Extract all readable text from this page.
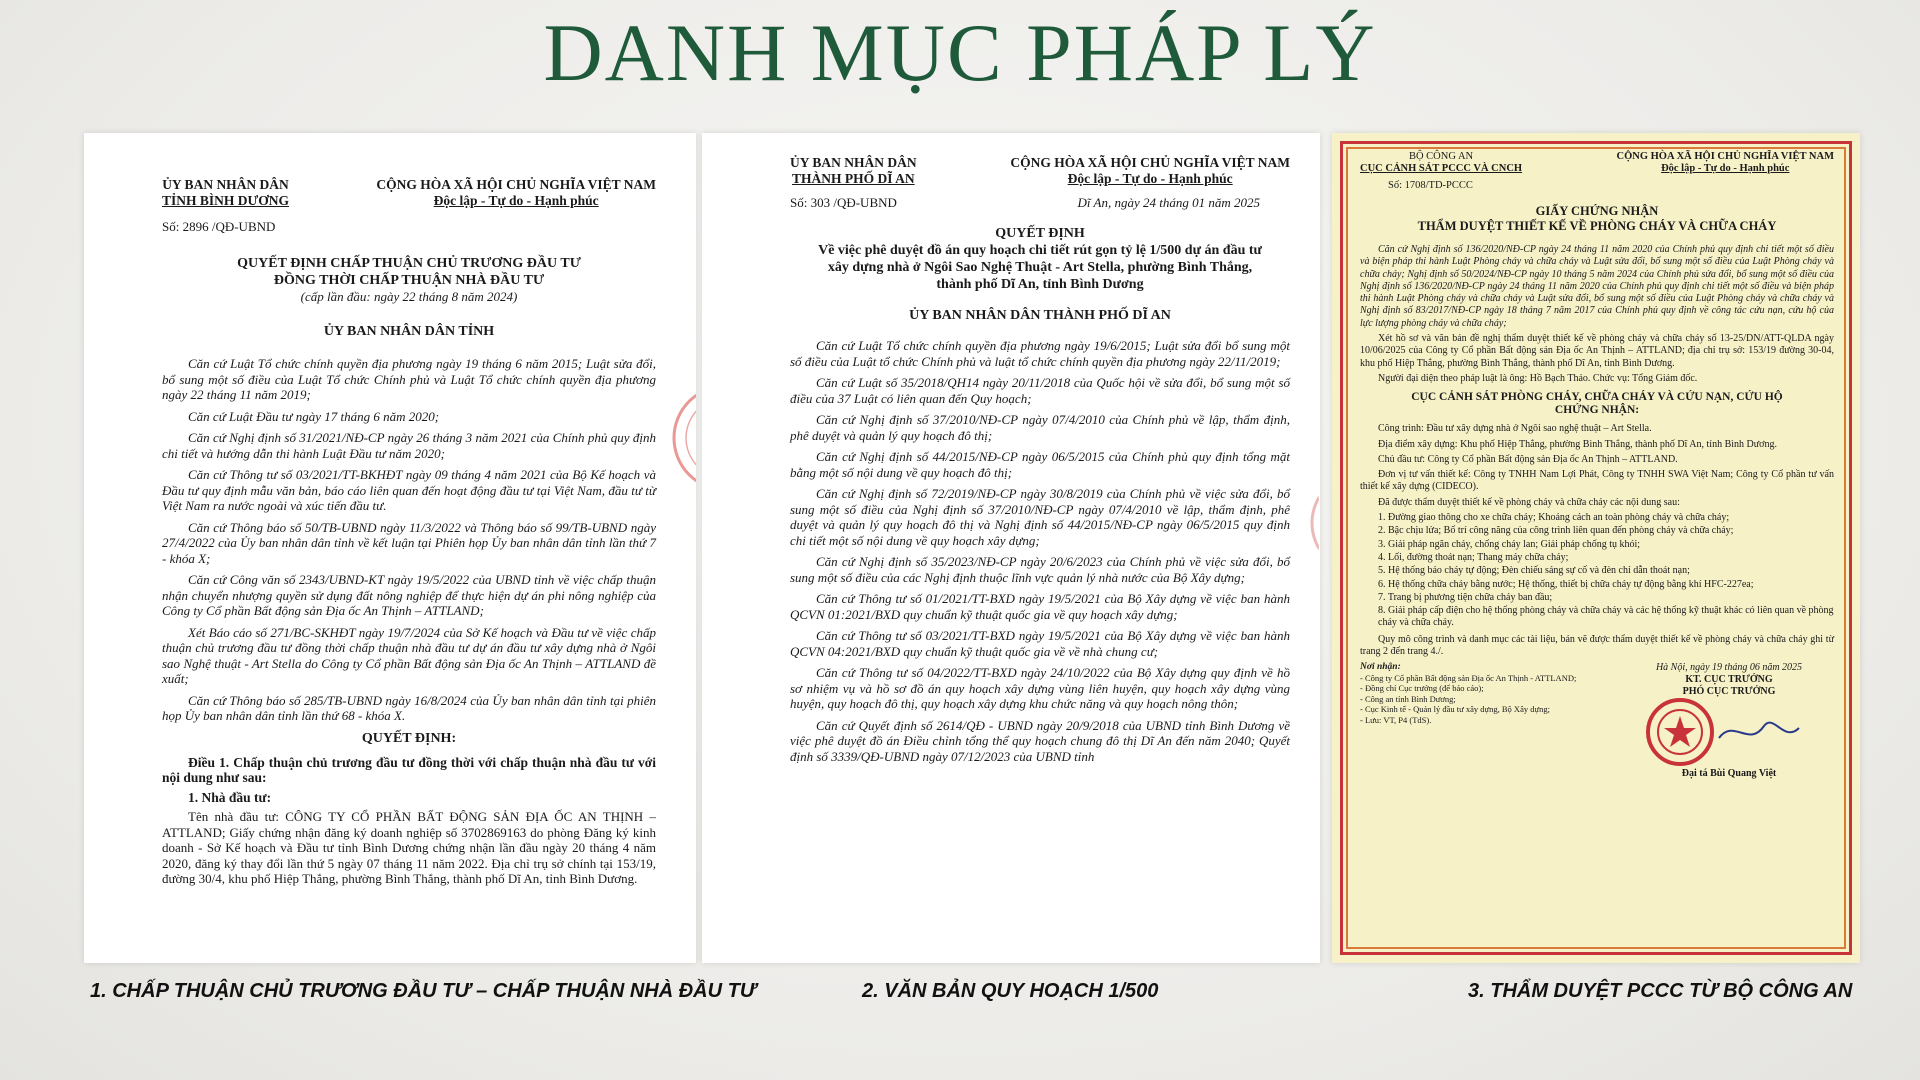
DANH MỤC PHÁP LÝ
ỦY BAN NHÂN DÂN
TỈNH BÌNH DƯƠNG
CỘNG HÒA XÃ HỘI CHỦ NGHĨA VIỆT NAM
Độc lập - Tự do - Hạnh phúc
Số: 2896 /QĐ-UBND
QUYẾT ĐỊNH CHẤP THUẬN CHỦ TRƯƠNG ĐẦU TƯ
ĐỒNG THỜI CHẤP THUẬN NHÀ ĐẦU TƯ
(cấp lần đầu: ngày 22 tháng 8 năm 2024)
ỦY BAN NHÂN DÂN TỈNH

Căn cứ Luật Tổ chức chính quyền địa phương ngày 19 tháng 6 năm 2015; Luật sửa đổi, bổ sung một số điều của Luật Tổ chức Chính phủ và Luật Tổ chức chính quyền địa phương ngày 22 tháng 11 năm 2019;

Căn cứ Luật Đầu tư ngày 17 tháng 6 năm 2020;

Căn cứ Nghị định số 31/2021/NĐ-CP ngày 26 tháng 3 năm 2021 của Chính phủ quy định chi tiết và hướng dẫn thi hành Luật Đầu tư năm 2020;

Căn cứ Thông tư số 03/2021/TT-BKHĐT ngày 09 tháng 4 năm 2021 của Bộ Kế hoạch và Đầu tư quy định mẫu văn bản, báo cáo liên quan đến hoạt động đầu tư tại Việt Nam, đầu tư từ Việt Nam ra nước ngoài và xúc tiến đầu tư.

Căn cứ Thông báo số 50/TB-UBND ngày 11/3/2022 và Thông báo số 99/TB-UBND ngày 27/4/2022 của Ủy ban nhân dân tỉnh về kết luận tại Phiên họp Ủy ban nhân dân tỉnh lần thứ 7 - khóa X;

Căn cứ Công văn số 2343/UBND-KT ngày 19/5/2022 của UBND tỉnh về việc chấp thuận nhận chuyển nhượng quyền sử dụng đất nông nghiệp để thực hiện dự án phi nông nghiệp của Công ty Cổ phần Bất động sản Địa ốc An Thịnh – ATTLAND;

Xét Báo cáo số 271/BC-SKHĐT ngày 19/7/2024 của Sở Kế hoạch và Đầu tư về việc chấp thuận chủ trương đầu tư đồng thời chấp thuận nhà đầu tư dự án đầu tư xây dựng nhà ở Ngôi sao Nghệ thuật - Art Stella do Công ty Cổ phần Bất động sản Địa ốc An Thịnh – ATTLAND đề xuất;

Căn cứ Thông báo số 285/TB-UBND ngày 16/8/2024 của Ủy ban nhân dân tỉnh tại phiên họp Ủy ban nhân dân tỉnh lần thứ 68 - khóa X.

QUYẾT ĐỊNH:

Điều 1. Chấp thuận chủ trương đầu tư đồng thời với chấp thuận nhà đầu tư với nội dung như sau:

1. Nhà đầu tư:

Tên nhà đầu tư: CÔNG TY CỔ PHẦN BẤT ĐỘNG SẢN ĐỊA ỐC AN THỊNH – ATTLAND; Giấy chứng nhận đăng ký doanh nghiệp số 3702869163 do phòng Đăng ký kinh doanh - Sở Kế hoạch và Đầu tư tỉnh Bình Dương chứng nhận lần đầu ngày 20 tháng 4 năm 2020, đăng ký thay đổi lần thứ 5 ngày 07 tháng 11 năm 2022. Địa chỉ trụ sở chính tại 153/19, đường 30/4, khu phố Hiệp Thắng, phường Bình Thắng, thành phố Dĩ An, tỉnh Bình Dương.

ỦY BAN NHÂN DÂN
THÀNH PHỐ DĨ AN
CỘNG HÒA XÃ HỘI CHỦ NGHĨA VIỆT NAM
Độc lập - Tự do - Hạnh phúc
Số: 303 /QĐ-UBND	Dĩ An, ngày 24 tháng 01 năm 2025
QUYẾT ĐỊNH
Về việc phê duyệt đồ án quy hoạch chi tiết rút gọn tỷ lệ 1/500 dự án đầu tư xây dựng nhà ở Ngôi Sao Nghệ Thuật - Art Stella, phường Bình Thắng, thành phố Dĩ An, tỉnh Bình Dương
ỦY BAN NHÂN DÂN THÀNH PHỐ DĨ AN

Căn cứ Luật Tổ chức chính quyền địa phương ngày 19/6/2015; Luật sửa đổi bổ sung một số điều của Luật tổ chức Chính phủ và luật tổ chức chính quyền địa phương ngày 22/11/2019;

Căn cứ Luật số 35/2018/QH14 ngày 20/11/2018 của Quốc hội về sửa đổi, bổ sung một số điều của 37 Luật có liên quan đến Quy hoạch;

Căn cứ Nghị định số 37/2010/NĐ-CP ngày 07/4/2010 của Chính phủ về lập, thẩm định, phê duyệt và quản lý quy hoạch đô thị;

Căn cứ Nghị định số 44/2015/NĐ-CP ngày 06/5/2015 của Chính phủ quy định tổng mặt bằng một số nội dung về quy hoạch đô thị;

Căn cứ Nghị định số 72/2019/NĐ-CP ngày 30/8/2019 của Chính phủ về việc sửa đổi, bổ sung một số điều của Nghị định số 37/2010/NĐ-CP ngày 07/4/2010 về lập, thẩm định, phê duyệt và quản lý quy hoạch đô thị và Nghị định số 44/2015/NĐ-CP ngày 06/5/2015 quy định chi tiết một số nội dung về quy hoạch xây dựng;

Căn cứ Nghị định số 35/2023/NĐ-CP ngày 20/6/2023 của Chính phủ về việc sửa đổi, bổ sung một số điều của các Nghị định thuộc lĩnh vực quản lý nhà nước của Bộ Xây dựng;

Căn cứ Thông tư số 01/2021/TT-BXD ngày 19/5/2021 của Bộ Xây dựng về việc ban hành QCVN 01:2021/BXD quy chuẩn kỹ thuật quốc gia về quy hoạch xây dựng;

Căn cứ Thông tư số 03/2021/TT-BXD ngày 19/5/2021 của Bộ Xây dựng về việc ban hành QCVN 04:2021/BXD quy chuẩn kỹ thuật quốc gia về về nhà chung cư;

Căn cứ Thông tư số 04/2022/TT-BXD ngày 24/10/2022 của Bộ Xây dựng quy định về hồ sơ nhiệm vụ và hồ sơ đồ án quy hoạch xây dựng vùng liên huyện, quy hoạch xây dựng vùng huyện, quy hoạch đô thị, quy hoạch xây dựng khu chức năng và quy hoạch nông thôn;

Căn cứ Quyết định số 2614/QĐ - UBND ngày 20/9/2018 của UBND tỉnh Bình Dương về việc phê duyệt đồ án Điều chỉnh tổng thể quy hoạch chung đô thị Dĩ An đến năm 2040; Quyết định số 3339/QĐ-UBND ngày 07/12/2023 của UBND tỉnh

BỘ CÔNG AN
CỤC CẢNH SÁT PCCC VÀ CNCH
CỘNG HÒA XÃ HỘI CHỦ NGHĨA VIỆT NAM
Độc lập - Tự do - Hạnh phúc
Số: 1708/TD-PCCC
GIẤY CHỨNG NHẬN
THẨM DUYỆT THIẾT KẾ VỀ PHÒNG CHÁY VÀ CHỮA CHÁY

Căn cứ Nghị định số 136/2020/NĐ-CP ngày 24 tháng 11 năm 2020 của Chính phủ quy định chi tiết một số điều và biện pháp thi hành Luật Phòng cháy và chữa cháy và Luật sửa đổi, bổ sung một số điều của Luật Phòng cháy và chữa cháy; Nghị định số 50/2024/NĐ-CP ngày 10 tháng 5 năm 2024 của Chính phủ sửa đổi, bổ sung một số điều của Nghị định số 136/2020/NĐ-CP ngày 24 tháng 11 năm 2020 của Chính phủ quy định chi tiết một số điều và biện pháp thi hành Luật Phòng cháy và chữa cháy và Luật sửa đổi, bổ sung một số điều của Luật Phòng cháy và chữa cháy và Nghị định số 83/2017/NĐ-CP ngày 18 tháng 7 năm 2017 của Chính phủ quy định về công tác cứu nạn, cứu hộ của lực lượng phòng cháy và chữa cháy;

Xét hồ sơ và văn bản đề nghị thẩm duyệt thiết kế về phòng cháy và chữa cháy số 13-25/DN/ATT-QLDA ngày 10/06/2025 của Công ty Cổ phần Bất động sản Địa ốc An Thịnh – ATTLAND; địa chỉ trụ sở: 153/19 đường 30-04, khu phố Hiệp Thắng, phường Bình Thắng, thành phố Dĩ An, tỉnh Bình Dương.

Người đại diện theo pháp luật là ông: Hồ Bạch Thảo. Chức vụ: Tổng Giám đốc.

CỤC CẢNH SÁT PHÒNG CHÁY, CHỮA CHÁY VÀ CỨU NẠN, CỨU HỘ
CHỨNG NHẬN:

Công trình: Đầu tư xây dựng nhà ở Ngôi sao nghệ thuật – Art Stella.

Địa điểm xây dựng: Khu phố Hiệp Thắng, phường Bình Thắng, thành phố Dĩ An, tỉnh Bình Dương.

Chủ đầu tư: Công ty Cổ phần Bất động sản Địa ốc An Thịnh – ATTLAND.

Đơn vị tư vấn thiết kế: Công ty TNHH Nam Lợi Phát, Công ty TNHH SWA Việt Nam; Công ty Cổ phần tư vấn thiết kế xây dựng (CIDECO).

Đã được thẩm duyệt thiết kế về phòng cháy và chữa cháy các nội dung sau:

1. Đường giao thông cho xe chữa cháy; Khoảng cách an toàn phòng cháy và chữa cháy;
2. Bậc chịu lửa; Bố trí công năng của công trình liên quan đến phòng cháy và chữa cháy;
3. Giải pháp ngăn cháy, chống cháy lan; Giải pháp chống tụ khói;
4. Lối, đường thoát nạn; Thang máy chữa cháy;
5. Hệ thống báo cháy tự động; Đèn chiếu sáng sự cố và đèn chỉ dẫn thoát nạn;
6. Hệ thống chữa cháy bằng nước; Hệ thống, thiết bị chữa cháy tự động bằng khí HFC-227ea;
7. Trang bị phương tiện chữa cháy ban đầu;
8. Giải pháp cấp điện cho hệ thống phòng cháy và chữa cháy và các hệ thống kỹ thuật khác có liên quan về phòng cháy và chữa cháy.

Quy mô công trình và danh mục các tài liệu, bản vẽ được thẩm duyệt thiết kế về phòng cháy và chữa cháy ghi từ trang 2 đến trang 4./.

Nơi nhận:
- Công ty Cổ phần Bất động sản Địa ốc An Thịnh - ATTLAND;
- Đồng chí Cục trưởng (để báo cáo);
- Công an tỉnh Bình Dương;
- Cục Kinh tế - Quản lý đầu tư xây dựng, Bộ Xây dựng;
- Lưu: VT, P4 (TdS).
Hà Nội, ngày 19 tháng 06 năm 2025
KT. CỤC TRƯỞNG
PHÓ CỤC TRƯỞNG
Đại tá Bùi Quang Việt
1. CHẤP THUẬN CHỦ TRƯƠNG ĐẦU TƯ – CHẤP THUẬN NHÀ ĐẦU TƯ	2. VĂN BẢN QUY HOẠCH 1/500	3. THẨM DUYỆT PCCC TỪ BỘ CÔNG AN
